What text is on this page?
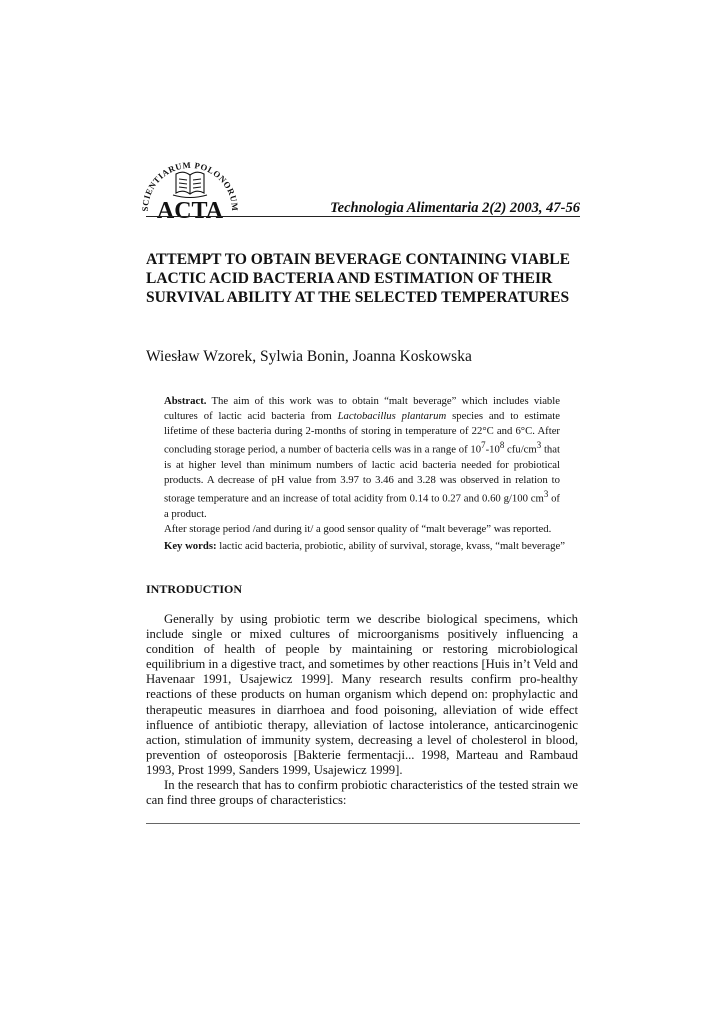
SCIENTIARUM POLONORUM
ACTA	Technologia Alimentaria 2(2) 2003, 47-56
ATTEMPT TO OBTAIN BEVERAGE CONTAINING VIABLE LACTIC ACID BACTERIA AND ESTIMATION OF THEIR SURVIVAL ABILITY AT THE SELECTED TEMPERATURES

Wiesław Wzorek, Sylwia Bonin, Joanna Koskowska

Abstract. The aim of this work was to obtain “malt beverage” which includes viable cultures of lactic acid bacteria from Lactobacillus plantarum species and to estimate lifetime of these bacteria during 2-months of storing in temperature of 22°C and 6°C. After concluding storage period, a number of bacteria cells was in a range of $10^7-10^8$ cfu/$cm^3$ that is at higher level than minimum numbers of lactic acid bacteria needed for probiotical products. A decrease of pH value from 3.97 to 3.46 and 3.28 was observed in relation to storage temperature and an increase of total acidity from 0.14 to 0.27 and 0.60 g/100 $cm^3$ of a product.

After storage period /and during it/ a good sensor quality of “malt beverage” was reported.

Key words: lactic acid bacteria, probiotic, ability of survival, storage, kvass, “malt beverage”
INTRODUCTION

Generally by using probiotic term we describe biological specimens, which include single or mixed cultures of microorganisms positively influencing a condition of health of people by maintaining or restoring microbiological equilibrium in a digestive tract, and sometimes by other reactions [Huis in’t Veld and Havenaar 1991, Usajewicz 1999]. Many research results confirm pro-healthy reactions of these products on human organism which depend on: prophylactic and therapeutic measures in diarrhoea and food poisoning, alleviation of wide effect influence of antibiotic therapy, alleviation of lactose intolerance, anticarcinogenic action, stimulation of immunity system, decreasing a level of cholesterol in blood, prevention of osteoporosis [Bakterie fermentacji... 1998, Marteau and Rambaud 1993, Prost 1999, Sanders 1999, Usajewicz 1999].

In the research that has to confirm probiotic characteristics of the tested strain we can find three groups of characteristics:
